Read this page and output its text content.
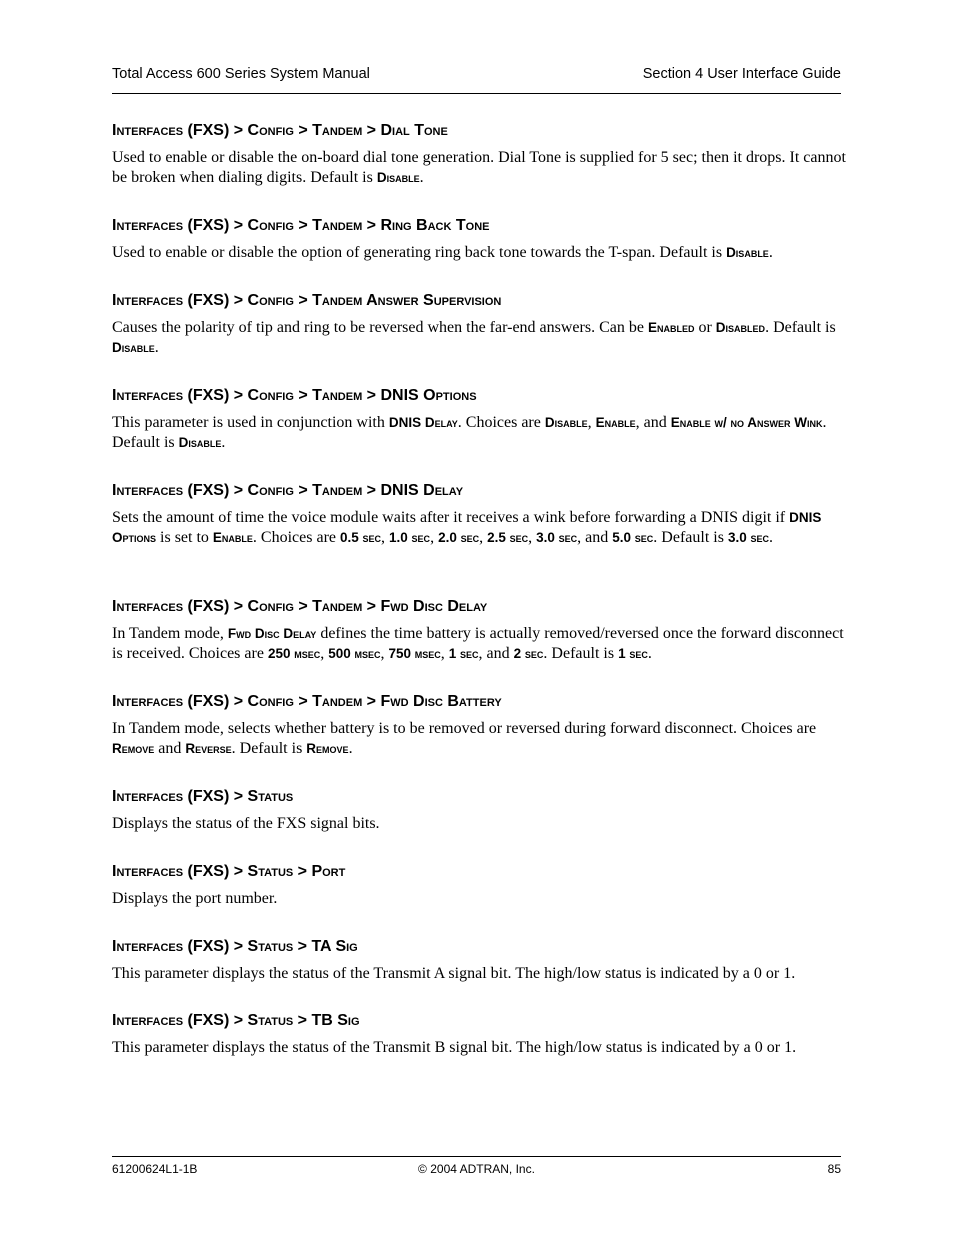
Total Access 600 Series System Manual	Section 4 User Interface Guide
Interfaces (FXS) > Config > Tandem > Dial Tone

Used to enable or disable the on-board dial tone generation. Dial Tone is supplied for 5 sec; then it drops. It cannot be broken when dialing digits. Default is Disable.

Interfaces (FXS) > Config > Tandem > Ring Back Tone

Used to enable or disable the option of generating ring back tone towards the T-span. Default is Disable.

Interfaces (FXS) > Config > Tandem Answer Supervision

Causes the polarity of tip and ring to be reversed when the far-end answers. Can be Enabled or Disabled. Default is Disable.

Interfaces (FXS) > Config > Tandem > DNIS Options

This parameter is used in conjunction with DNIS Delay. Choices are Disable, Enable, and Enable w/ no Answer Wink. Default is Disable.

Interfaces (FXS) > Config > Tandem > DNIS Delay

Sets the amount of time the voice module waits after it receives a wink before forwarding a DNIS digit if DNIS Options is set to Enable. Choices are 0.5 sec, 1.0 sec, 2.0 sec, 2.5 sec, 3.0 sec, and 5.0 sec. Default is 3.0 sec.

Interfaces (FXS) > Config > Tandem > Fwd Disc Delay

In Tandem mode, Fwd Disc Delay defines the time battery is actually removed/reversed once the forward disconnect is received. Choices are 250 msec, 500 msec, 750 msec, 1 sec, and 2 sec. Default is 1 sec.

Interfaces (FXS) > Config > Tandem > Fwd Disc Battery

In Tandem mode, selects whether battery is to be removed or reversed during forward disconnect. Choices are Remove and Reverse. Default is Remove.

Interfaces (FXS) > Status

Displays the status of the FXS signal bits.

Interfaces (FXS) > Status > Port

Displays the port number.

Interfaces (FXS) > Status > TA Sig

This parameter displays the status of the Transmit A signal bit. The high/low status is indicated by a 0 or 1.

Interfaces (FXS) > Status > TB Sig

This parameter displays the status of the Transmit B signal bit. The high/low status is indicated by a 0 or 1.

61200624L1-1B	© 2004 ADTRAN, Inc.	85
